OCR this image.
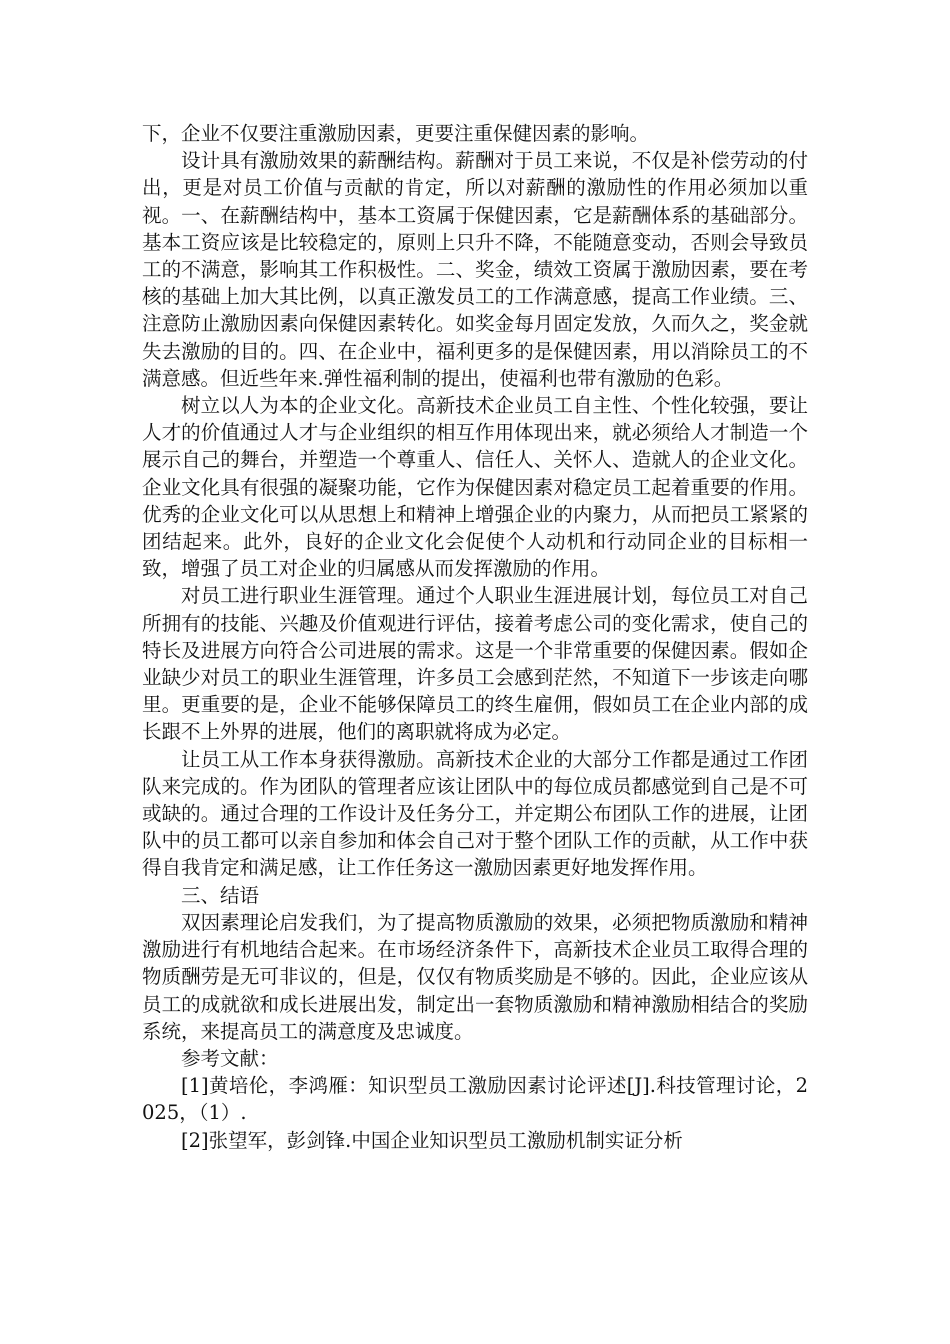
下，企业不仅要注重激励因素，更要注重保健因素的影响。

设计具有激励效果的薪酬结构。薪酬对于员工来说，不仅是补偿劳动的付出，更是对员工价值与贡献的肯定，所以对薪酬的激励性的作用必须加以重视。一、在薪酬结构中，基本工资属于保健因素，它是薪酬体系的基础部分。基本工资应该是比较稳定的，原则上只升不降，不能随意变动，否则会导致员工的不满意，影响其工作积极性。二、奖金，绩效工资属于激励因素，要在考核的基础上加大其比例，以真正激发员工的工作满意感，提高工作业绩。三、注意防止激励因素向保健因素转化。如奖金每月固定发放，久而久之，奖金就失去激励的目的。四、在企业中，福利更多的是保健因素，用以消除员工的不满意感。但近些年来.弹性福利制的提出，使福利也带有激励的色彩。

树立以人为本的企业文化。高新技术企业员工自主性、个性化较强，要让人才的价值通过人才与企业组织的相互作用体现出来，就必须给人才制造一个展示自己的舞台，并塑造一个尊重人、信任人、关怀人、造就人的企业文化。企业文化具有很强的凝聚功能，它作为保健因素对稳定员工起着重要的作用。优秀的企业文化可以从思想上和精神上增强企业的内聚力，从而把员工紧紧的团结起来。此外，良好的企业文化会促使个人动机和行动同企业的目标相一致，增强了员工对企业的归属感从而发挥激励的作用。

对员工进行职业生涯管理。通过个人职业生涯进展计划，每位员工对自己所拥有的技能、兴趣及价值观进行评估，接着考虑公司的变化需求，使自己的特长及进展方向符合公司进展的需求。这是一个非常重要的保健因素。假如企业缺少对员工的职业生涯管理，许多员工会感到茫然，不知道下一步该走向哪里。更重要的是，企业不能够保障员工的终生雇佣，假如员工在企业内部的成长跟不上外界的进展，他们的离职就将成为必定。

让员工从工作本身获得激励。高新技术企业的大部分工作都是通过工作团队来完成的。作为团队的管理者应该让团队中的每位成员都感觉到自己是不可或缺的。通过合理的工作设计及任务分工，并定期公布团队工作的进展，让团队中的员工都可以亲自参加和体会自己对于整个团队工作的贡献，从工作中获得自我肯定和满足感，让工作任务这一激励因素更好地发挥作用。

三、结语

双因素理论启发我们，为了提高物质激励的效果，必须把物质激励和精神激励进行有机地结合起来。在市场经济条件下，高新技术企业员工取得合理的物质酬劳是无可非议的，但是，仅仅有物质奖励是不够的。因此，企业应该从员工的成就欲和成长进展出发，制定出一套物质激励和精神激励相结合的奖励系统，来提高员工的满意度及忠诚度。

参考文献：

[1]黄培伦，李鸿雁：知识型员工激励因素讨论评述[J].科技管理讨论，2025，（1）.

[2]张望军，彭剑锋.中国企业知识型员工激励机制实证分析
